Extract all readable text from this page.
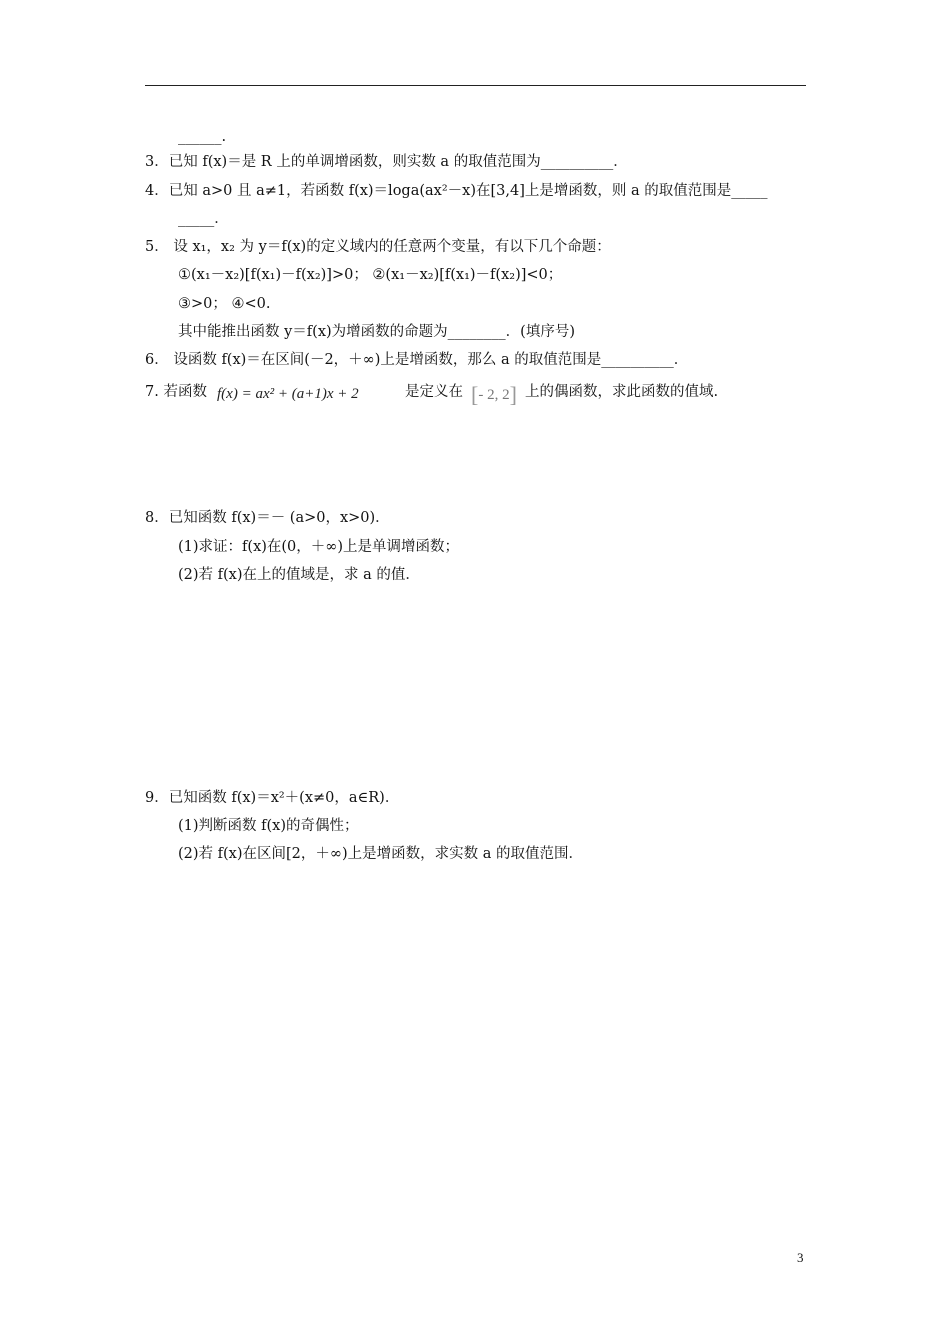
______.
3．已知 f(x)＝是 R 上的单调增函数，则实数 a 的取值范围为__________．
4．已知 a>0 且 a≠1，若函数 f(x)＝loga(ax²－x)在[3,4]上是增函数，则 a 的取值范围是_____
_____．
5． 设 x₁，x₂ 为 y＝f(x)的定义域内的任意两个变量，有以下几个命题：
①(x₁－x₂)[f(x₁)－f(x₂)]>0； ②(x₁－x₂)[f(x₁)－f(x₂)]<0；
③>0； ④<0.
其中能推出函数 y＝f(x)为增函数的命题为________．(填序号)
6． 设函数 f(x)＝在区间(－2，＋∞)上是增函数，那么 a 的取值范围是__________．
7. 若函数 f(x) = ax² + (a+1)x + 2	是定义在 [- 2, 2] 上的偶函数，求此函数的值域.
8．已知函数 f(x)＝－ (a>0，x>0)．
(1)求证：f(x)在(0，＋∞)上是单调增函数；
(2)若 f(x)在上的值域是，求 a 的值．
9．已知函数 f(x)＝x²＋(x≠0，a∈R)．
(1)判断函数 f(x)的奇偶性；
(2)若 f(x)在区间[2，＋∞)上是增函数，求实数 a 的取值范围．
3
